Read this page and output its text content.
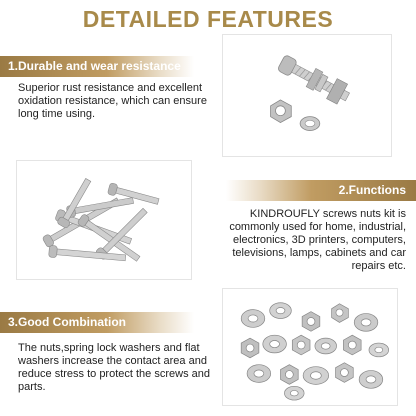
DETAILED FEATURES
1.Durable and wear resistance
Superior rust resistance and excellent oxidation resistance, which can ensure long time using.
2.Functions
KINDROUFLY screws nuts kit is commonly used for home, industrial, electronics, 3D printers, computers, televisions, lamps, cabinets and car repairs etc.
3.Good Combination
The nuts,spring lock washers and flat washers increase the contact area and reduce stress to protect the screws and parts.
